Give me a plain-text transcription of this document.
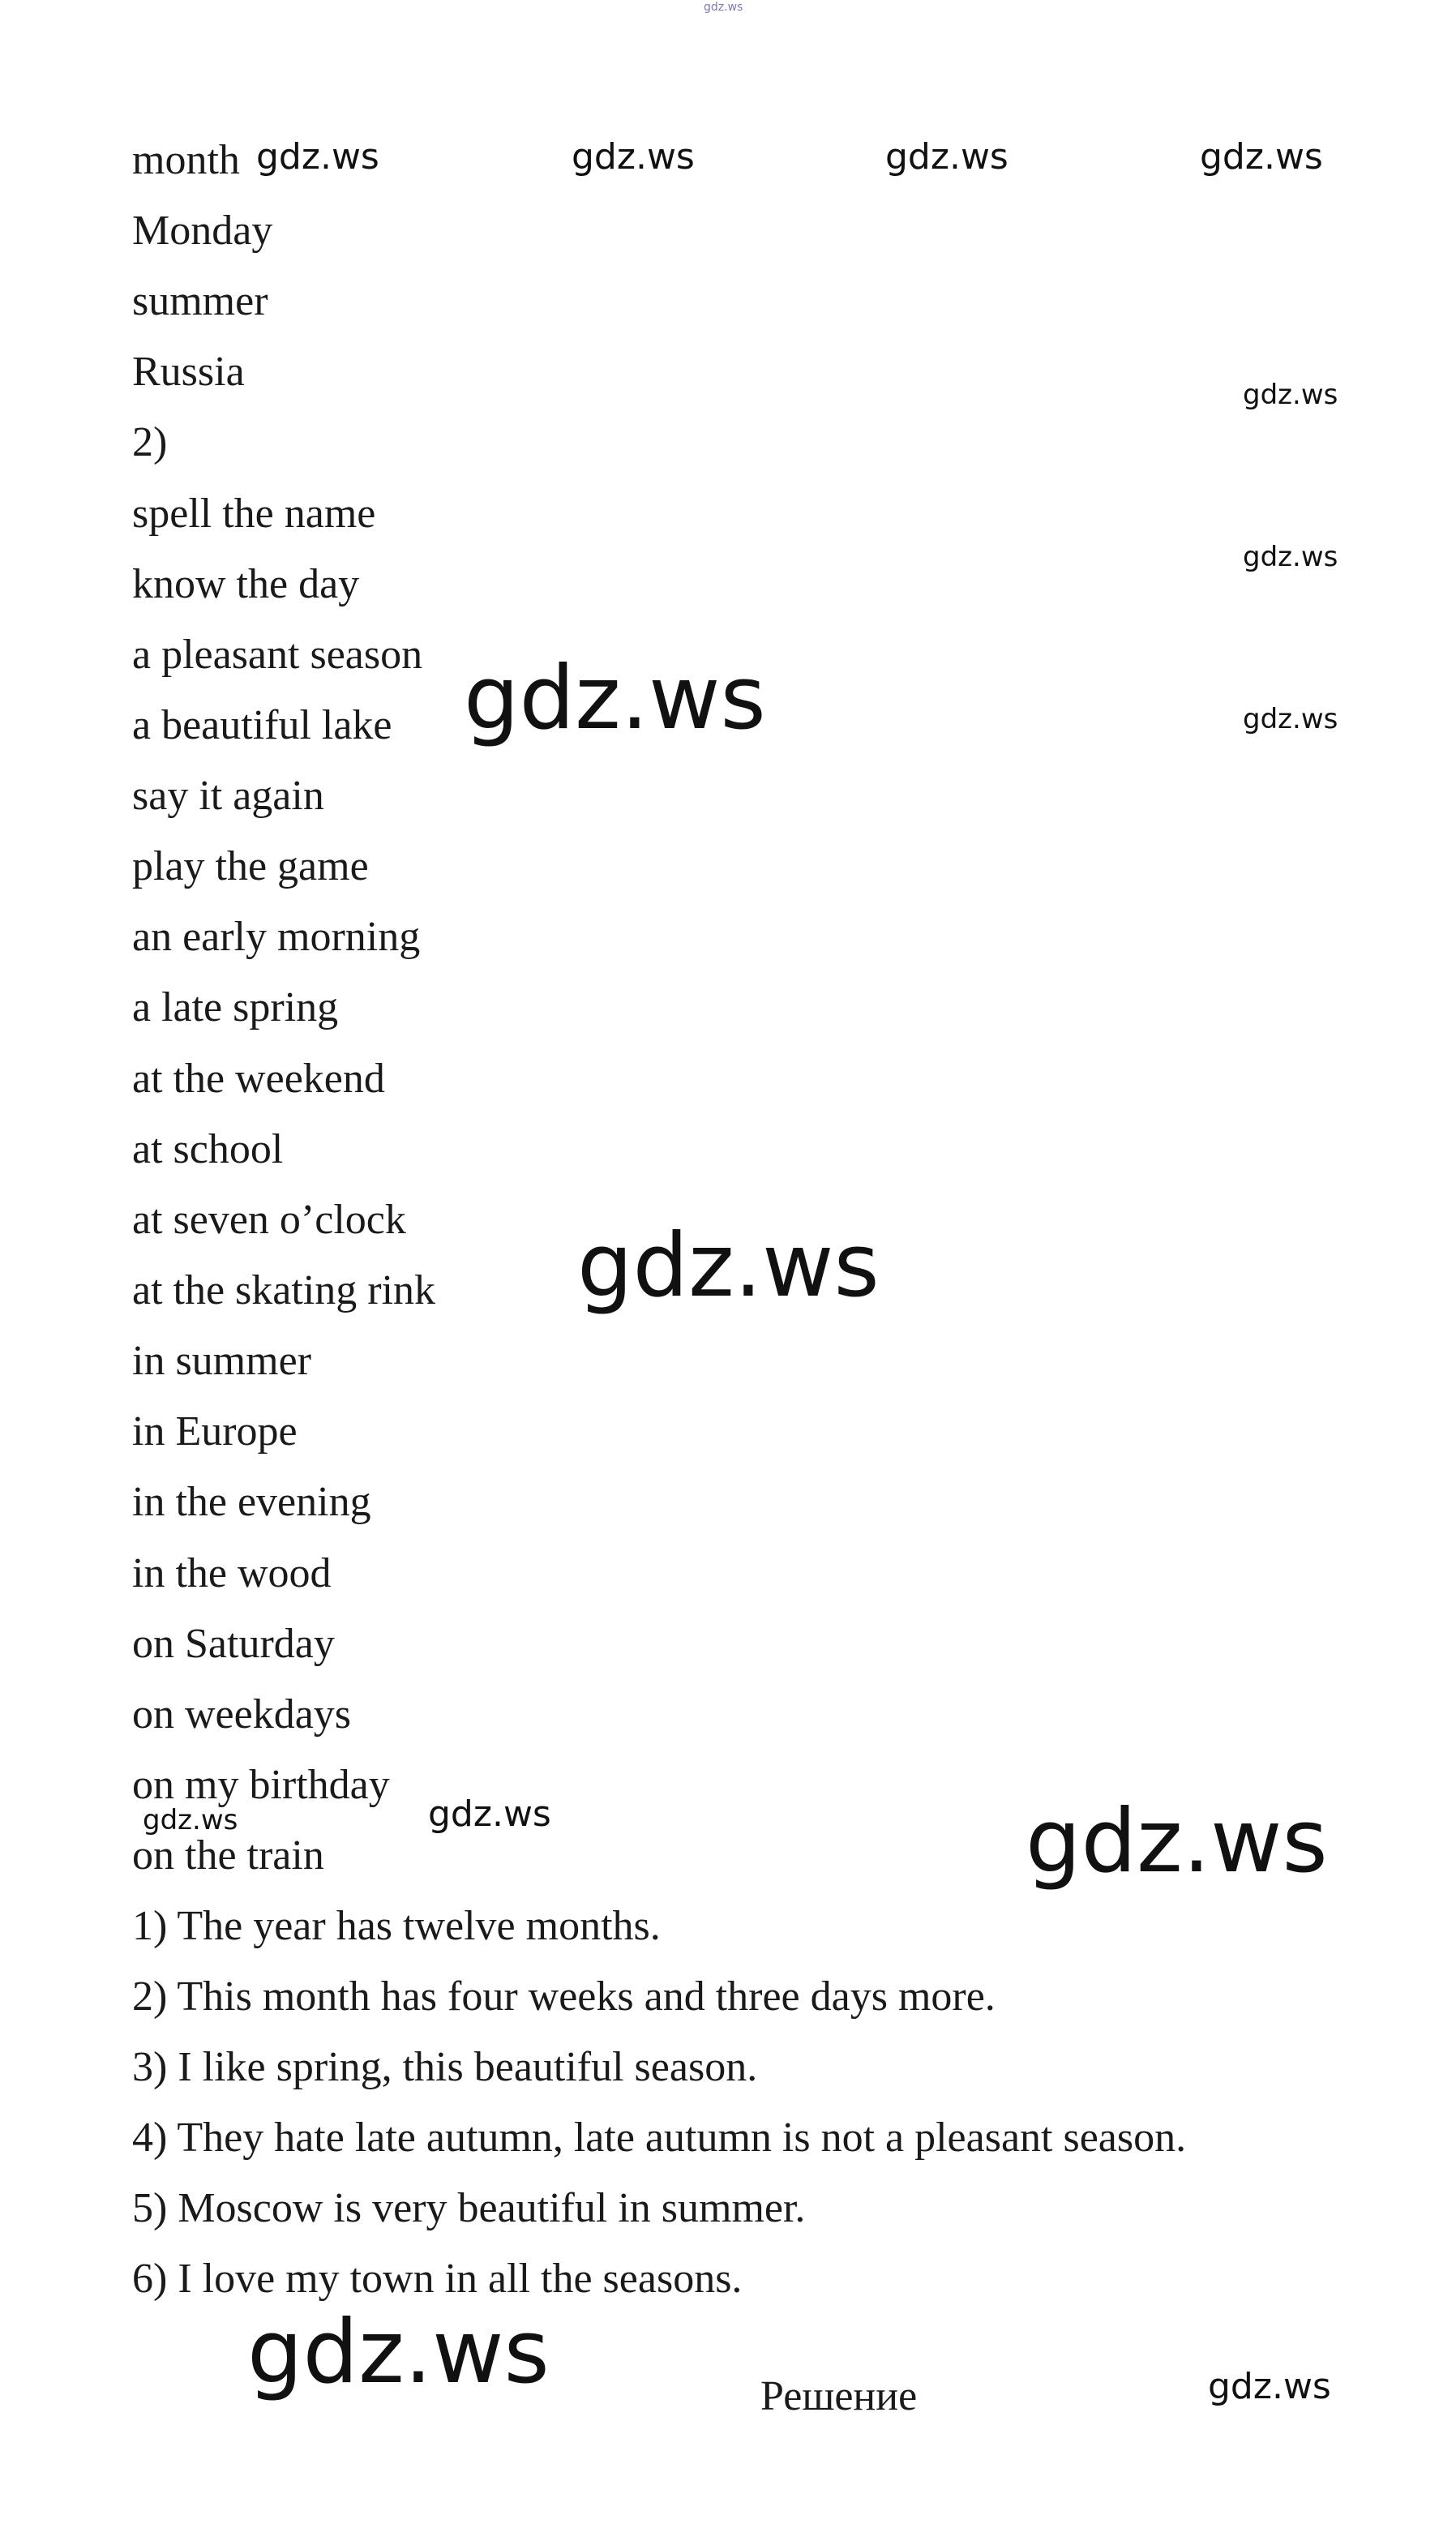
gdz.ws
month
Monday
summer
Russia
2)
spell the name
know the day
a pleasant season
a beautiful lake
say it again
play the game
an early morning
a late spring
at the weekend
at school
at seven o’clock
at the skating rink
in summer
in Europe
in the evening
in the wood
on Saturday
on weekdays
on my birthday
on the train
1) The year has twelve months.
2) This month has four weeks and three days more.
3) I like spring, this beautiful season.
4) They hate late autumn, late autumn is not a pleasant season.
5) Moscow is very beautiful in summer.
6) I love my town in all the seasons.
Решение
gdz.ws	gdz.ws	gdz.ws	gdz.ws
gdz.ws
gdz.ws
gdz.ws
gdz.ws
gdz.ws
gdz.ws
gdz.ws
gdz.ws
gdz.ws
gdz.ws
